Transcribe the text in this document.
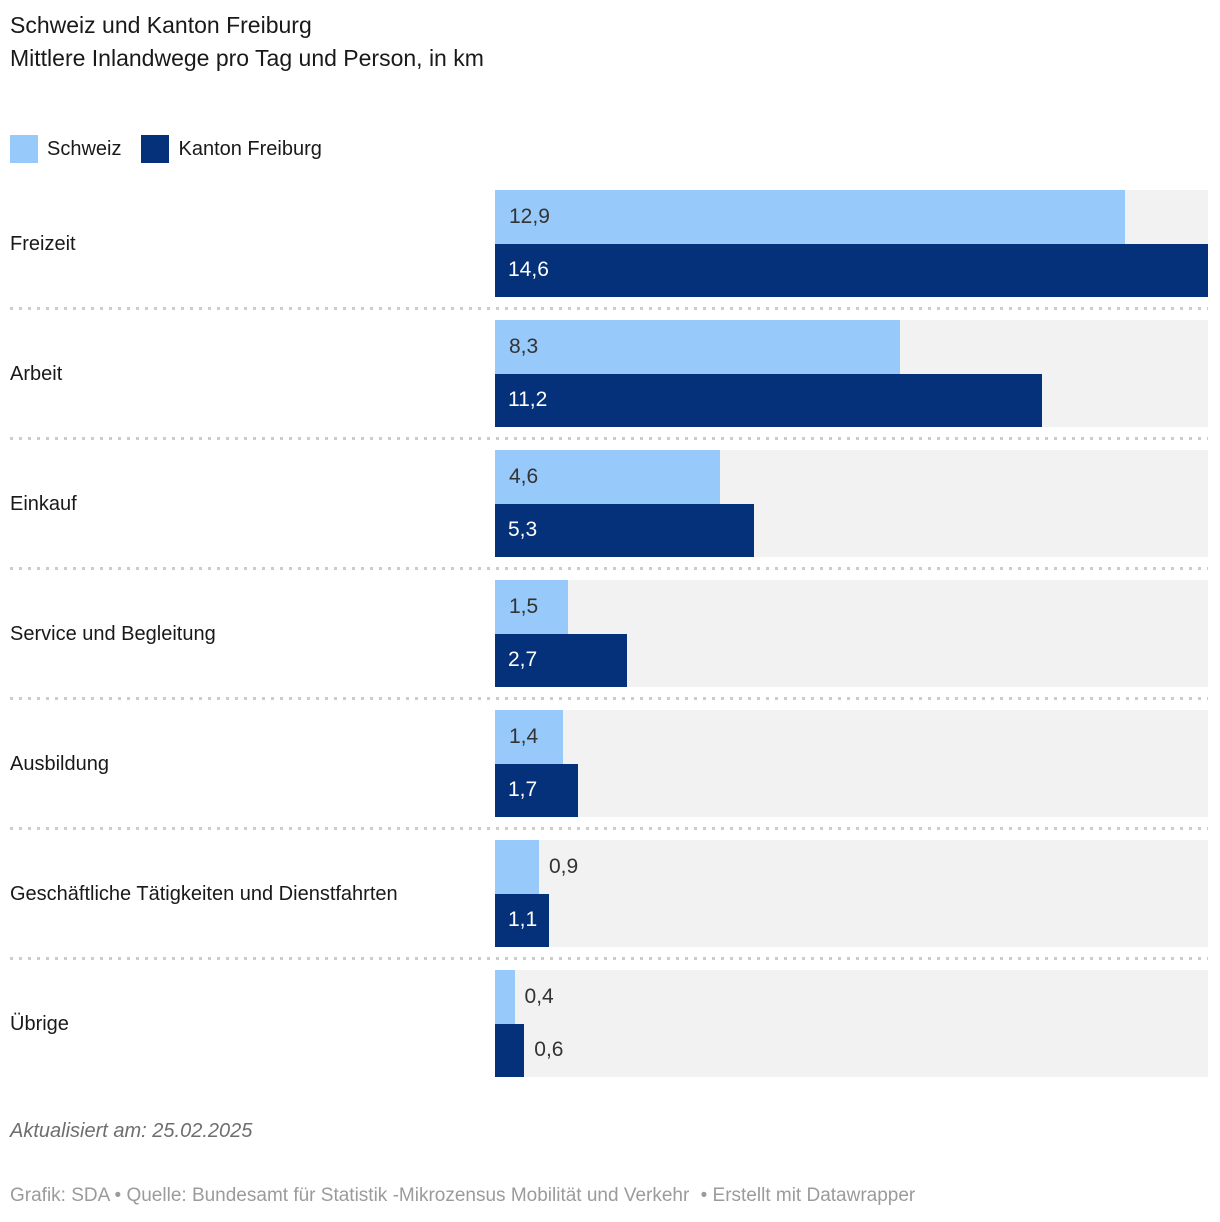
Schweiz und Kanton Freiburg
Mittlere Inlandwege pro Tag und Person, in km
Schweiz	Kanton Freiburg
Freizeit
12,9
14,6
Arbeit
8,3
11,2
Einkauf
4,6
5,3
Service und Begleitung
1,5
2,7
Ausbildung
1,4
1,7
Geschäftliche Tätigkeiten und Dienstfahrten
0,9
1,1
Übrige
0,4
0,6
Aktualisiert am: 25.02.2025
Grafik: SDA • Quelle: Bundesamt für Statistik -Mikrozensus Mobilität und Verkehr • Erstellt mit Datawrapper
